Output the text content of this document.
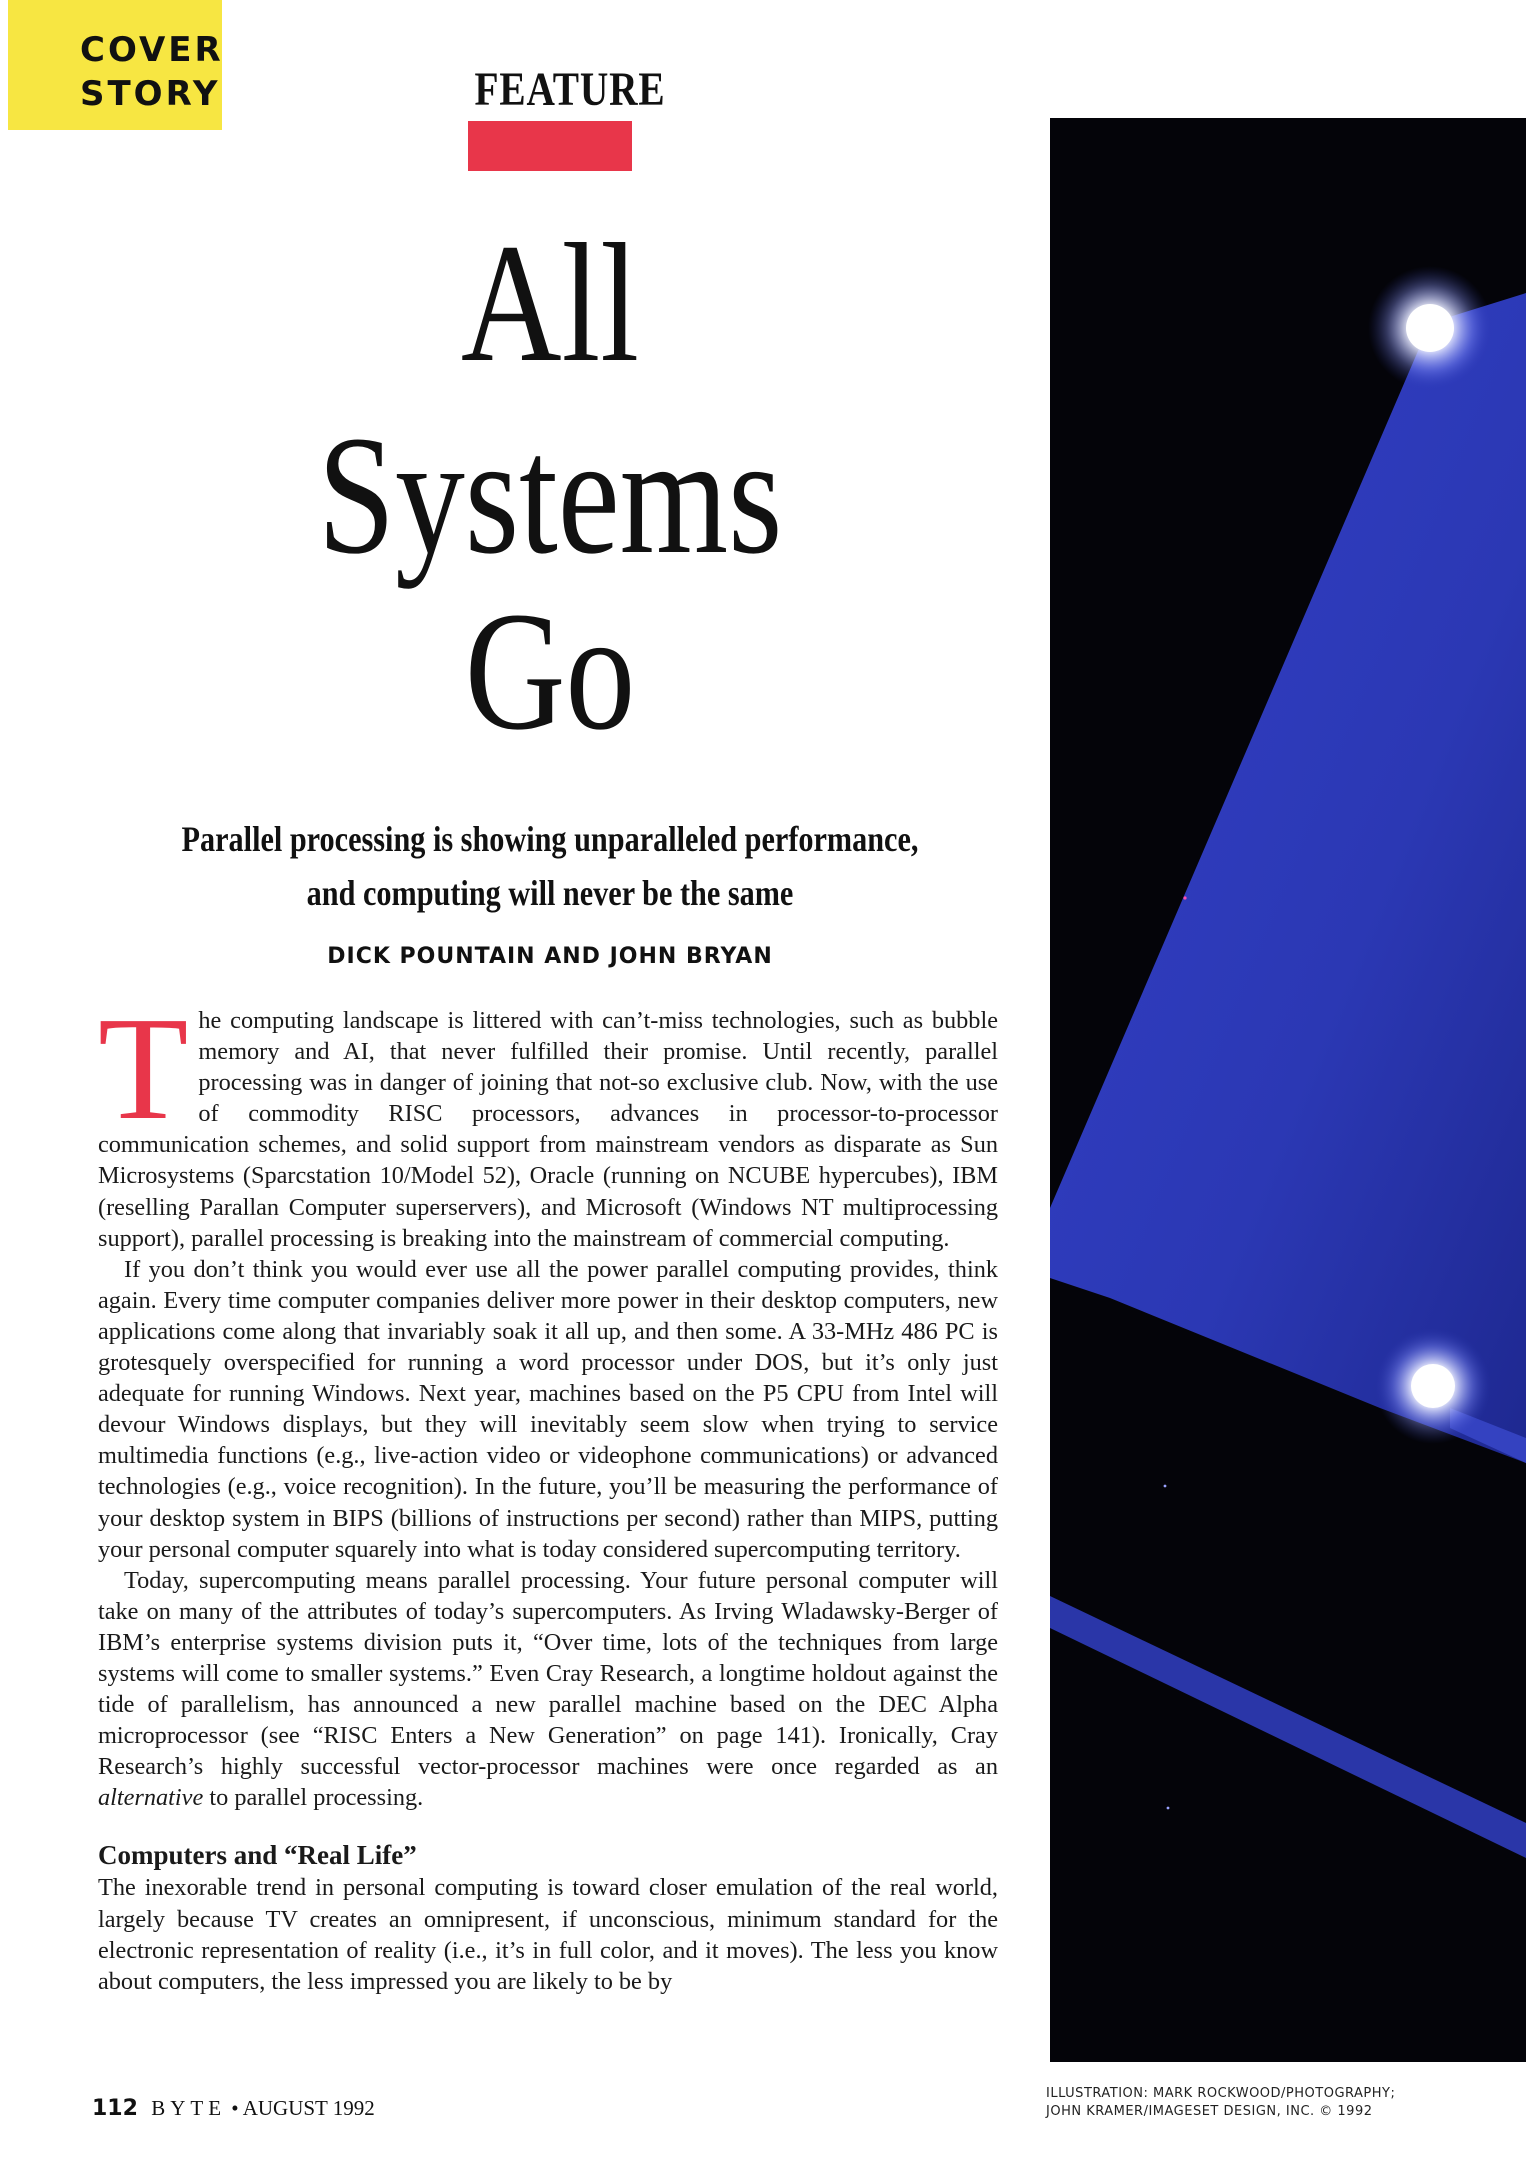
COVER
STORY	FEATURE
All
Systems
Go
Parallel processing is showing unparalleled performance,
and computing will never be the same
DICK POUNTAIN AND JOHN BRYAN

The computing landscape is littered with can’t-miss technologies, such as bubble memory and AI, that never fulfilled their promise. Until recently, parallel processing was in danger of joining that not-so exclusive club. Now, with the use of commodity RISC processors, advances in processor-to-processor communication schemes, and solid support from mainstream vendors as disparate as Sun Microsystems (Sparcstation 10/Model 52), Oracle (running on NCUBE hypercubes), IBM (reselling Parallan Computer superservers), and Microsoft (Windows NT multiprocessing support), parallel processing is breaking into the mainstream of commercial computing.

If you don’t think you would ever use all the power parallel computing provides, think again. Every time computer companies deliver more power in their desktop computers, new applications come along that invariably soak it all up, and then some. A 33-MHz 486 PC is grotesquely overspecified for running a word processor under DOS, but it’s only just adequate for running Windows. Next year, machines based on the P5 CPU from Intel will devour Windows displays, but they will inevitably seem slow when trying to service multimedia functions (e.g., live-action video or videophone communications) or advanced technologies (e.g., voice recognition). In the future, you’ll be measuring the performance of your desktop system in BIPS (billions of instructions per second) rather than MIPS, putting your personal computer squarely into what is today considered supercomputing territory.

Today, supercomputing means parallel processing. Your future personal computer will take on many of the attributes of today’s supercomputers. As Irving Wladawsky-Berger of IBM’s enterprise systems division puts it, “Over time, lots of the techniques from large systems will come to smaller systems.” Even Cray Research, a longtime holdout against the tide of parallelism, has announced a new parallel machine based on the DEC Alpha microprocessor (see “RISC Enters a New Generation” on page 141). Ironically, Cray Research’s highly successful vector-processor machines were once regarded as an alternative to parallel processing.

Computers and “Real Life”

The inexorable trend in personal computing is toward closer emulation of the real world, largely because TV creates an omnipresent, if unconscious, minimum standard for the electronic representation of reality (i.e., it’s in full color, and it moves). The less you know about computers, the less impressed you are likely to be by

112 BYTE • AUGUST 1992
ILLUSTRATION: MARK ROCKWOOD/PHOTOGRAPHY;
JOHN KRAMER/IMAGESET DESIGN, INC. © 1992
